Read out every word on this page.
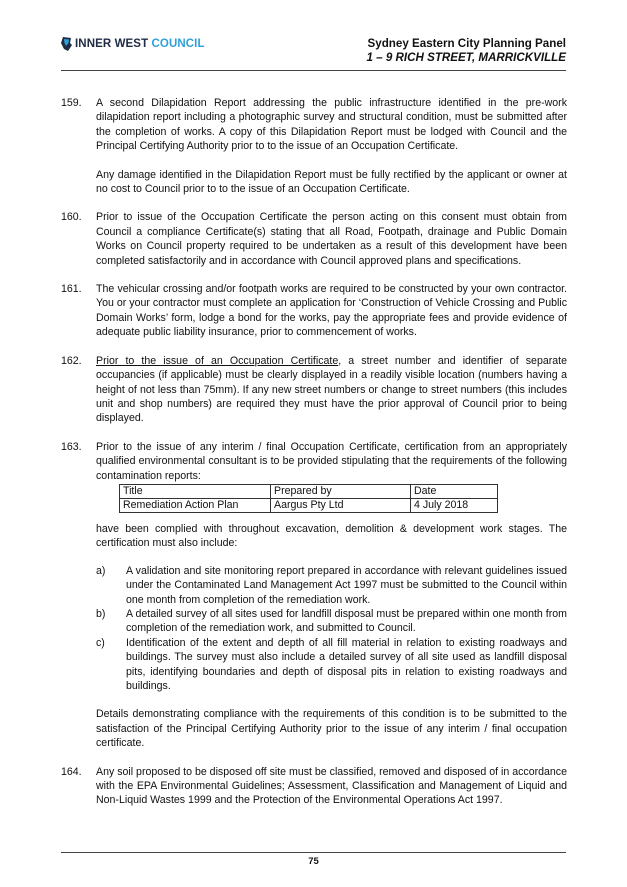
INNER WEST COUNCIL	Sydney Eastern City Planning Panel
1 – 9 RICH STREET, MARRICKVILLE
159.	A second Dilapidation Report addressing the public infrastructure identified in the pre-work dilapidation report including a photographic survey and structural condition, must be submitted after the completion of works. A copy of this Dilapidation Report must be lodged with Council and the Principal Certifying Authority prior to to the issue of an Occupation Certificate.

Any damage identified in the Dilapidation Report must be fully rectified by the applicant or owner at no cost to Council prior to to the issue of an Occupation Certificate.

160.	Prior to issue of the Occupation Certificate the person acting on this consent must obtain from Council a compliance Certificate(s) stating that all Road, Footpath, drainage and Public Domain Works on Council property required to be undertaken as a result of this development have been completed satisfactorily and in accordance with Council approved plans and specifications.

161.	The vehicular crossing and/or footpath works are required to be constructed by your own contractor. You or your contractor must complete an application for ‘Construction of Vehicle Crossing and Public Domain Works’ form, lodge a bond for the works, pay the appropriate fees and provide evidence of adequate public liability insurance, prior to commencement of works.

162.	Prior to the issue of an Occupation Certificate, a street number and identifier of separate occupancies (if applicable) must be clearly displayed in a readily visible location (numbers having a height of not less than 75mm). If any new street numbers or change to street numbers (this includes unit and shop numbers) are required they must have the prior approval of Council prior to being displayed.

163.	Prior to the issue of any interim / final Occupation Certificate, certification from an appropriately qualified environmental consultant is to be provided stipulating that the requirements of the following contamination reports:

Title	Prepared by	Date
Remediation Action Plan	Aargus Pty Ltd	4 July 2018

have been complied with throughout excavation, demolition & development work stages. The certification must also include:

a)	A validation and site monitoring report prepared in accordance with relevant guidelines issued under the Contaminated Land Management Act 1997 must be submitted to the Council within one month from completion of the remediation work.
b)	A detailed survey of all sites used for landfill disposal must be prepared within one month from completion of the remediation work, and submitted to Council.
c)	Identification of the extent and depth of all fill material in relation to existing roadways and buildings. The survey must also include a detailed survey of all site used as landfill disposal pits, identifying boundaries and depth of disposal pits in relation to existing roadways and buildings.

Details demonstrating compliance with the requirements of this condition is to be submitted to the satisfaction of the Principal Certifying Authority prior to the issue of any interim / final occupation certificate.

164.	Any soil proposed to be disposed off site must be classified, removed and disposed of in accordance with the EPA Environmental Guidelines; Assessment, Classification and Management of Liquid and Non-Liquid Wastes 1999 and the Protection of the Environmental Operations Act 1997.

75
